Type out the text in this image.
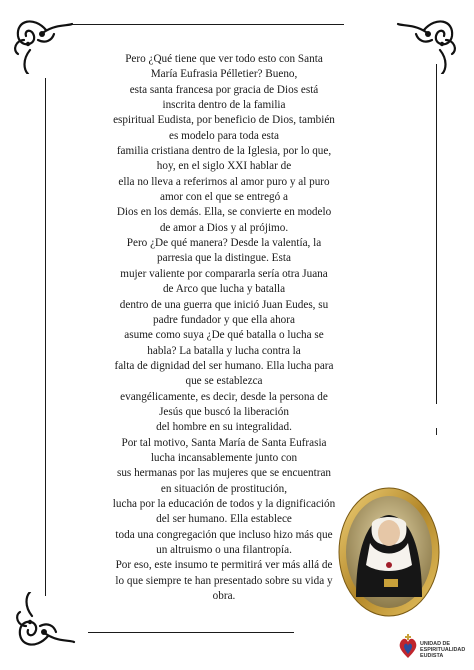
Pero ¿Qué tiene que ver todo esto con Santa
María Eufrasia Pélletier? Bueno,
esta santa francesa por gracia de Dios está
inscrita dentro de la familia
espiritual Eudista, por beneficio de Dios, también
es modelo para toda esta
familia cristiana dentro de la Iglesia, por lo que,
hoy, en el siglo XXI hablar de
ella no lleva a referirnos al amor puro y al puro
amor con el que se entregó a
Dios en los demás. Ella, se convierte en modelo
de amor a Dios y al prójimo.
Pero ¿De qué manera? Desde la valentía, la
parresia que la distingue. Esta
mujer valiente por compararla sería otra Juana
de Arco que lucha y batalla
dentro de una guerra que inició Juan Eudes, su
padre fundador y que ella ahora
asume como suya ¿De qué batalla o lucha se
habla? La batalla y lucha contra la
falta de dignidad del ser humano. Ella lucha para
que se establezca
evangélicamente, es decir, desde la persona de
Jesús que buscó la liberación
del hombre en su integralidad.
Por tal motivo, Santa María de Santa Eufrasia
lucha incansablemente junto con
sus hermanas por las mujeres que se encuentran
en situación de prostitución,
lucha por la educación de todos y la dignificación
del ser humano. Ella establece
toda una congregación que incluso hizo más que
un altruismo o una filantropía.
Por eso, este insumo te permitirá ver más allá de
lo que siempre te han presentado sobre su vida y
obra.
UNIDAD DE
ESPIRITUALIDAD
EUDISTA
